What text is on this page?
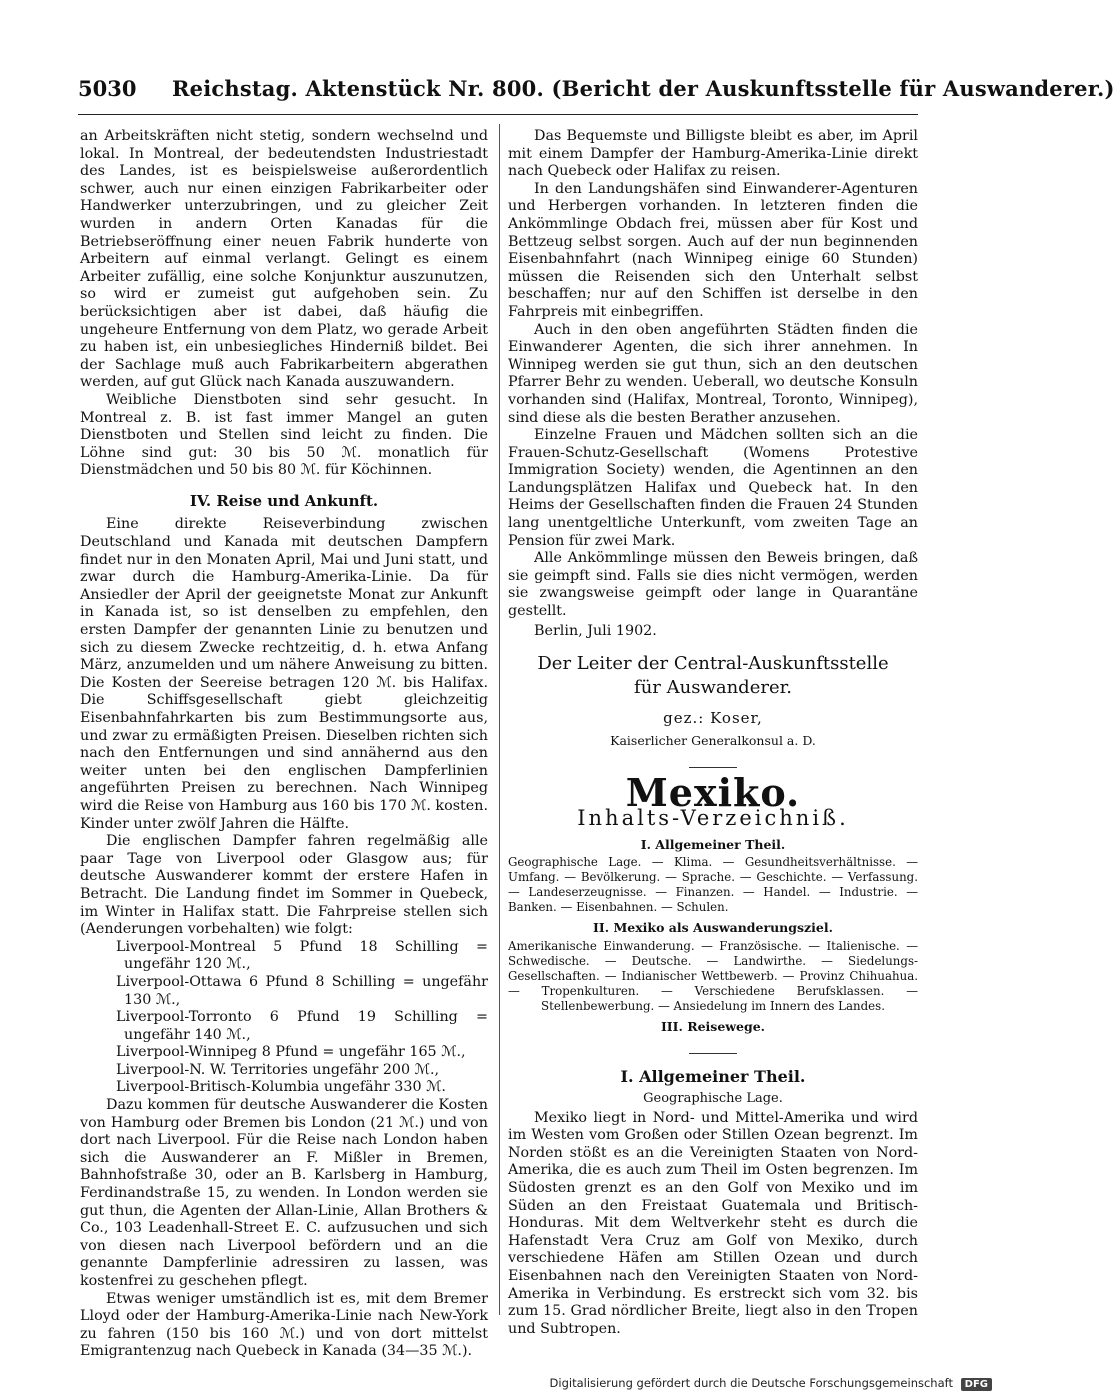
5030 Reichstag. Aktenstück Nr. 800. (Bericht der Auskunftsstelle für Auswanderer.)

an Arbeitskräften nicht stetig, sondern wechselnd und lokal. In Montreal, der bedeutendsten Industriestadt des Landes, ist es beispielsweise außerordentlich schwer, auch nur einen einzigen Fabrikarbeiter oder Handwerker unterzubringen, und zu gleicher Zeit wurden in andern Orten Kanadas für die Betriebseröffnung einer neuen Fabrik hunderte von Arbeitern auf einmal verlangt. Gelingt es einem Arbeiter zufällig, eine solche Konjunktur auszunutzen, so wird er zumeist gut aufgehoben sein. Zu berücksichtigen aber ist dabei, daß häufig die ungeheure Entfernung von dem Platz, wo gerade Arbeit zu haben ist, ein unbesiegliches Hinderniß bildet. Bei der Sachlage muß auch Fabrikarbeitern abgerathen werden, auf gut Glück nach Kanada auszuwandern.

Weibliche Dienstboten sind sehr gesucht. In Montreal z. B. ist fast immer Mangel an guten Dienstboten und Stellen sind leicht zu finden. Die Löhne sind gut: 30 bis 50 ℳ. monatlich für Dienstmädchen und 50 bis 80 ℳ. für Köchinnen.

IV. Reise und Ankunft.

Eine direkte Reiseverbindung zwischen Deutschland und Kanada mit deutschen Dampfern findet nur in den Monaten April, Mai und Juni statt, und zwar durch die Hamburg-Amerika-Linie. Da für Ansiedler der April der geeignetste Monat zur Ankunft in Kanada ist, so ist denselben zu empfehlen, den ersten Dampfer der genannten Linie zu benutzen und sich zu diesem Zwecke rechtzeitig, d. h. etwa Anfang März, anzumelden und um nähere Anweisung zu bitten. Die Kosten der Seereise betragen 120 ℳ. bis Halifax. Die Schiffsgesellschaft giebt gleichzeitig Eisenbahnfahrkarten bis zum Bestimmungsorte aus, und zwar zu ermäßigten Preisen. Dieselben richten sich nach den Entfernungen und sind annähernd aus den weiter unten bei den englischen Dampferlinien angeführten Preisen zu berechnen. Nach Winnipeg wird die Reise von Hamburg aus 160 bis 170 ℳ. kosten. Kinder unter zwölf Jahren die Hälfte.

Die englischen Dampfer fahren regelmäßig alle paar Tage von Liverpool oder Glasgow aus; für deutsche Auswanderer kommt der erstere Hafen in Betracht. Die Landung findet im Sommer in Quebeck, im Winter in Halifax statt. Die Fahrpreise stellen sich (Aenderungen vorbehalten) wie folgt:

Liverpool-Montreal 5 Pfund 18 Schilling = ungefähr 120 ℳ.,

Liverpool-Ottawa 6 Pfund 8 Schilling = ungefähr 130 ℳ.,

Liverpool-Torronto 6 Pfund 19 Schilling = ungefähr 140 ℳ.,

Liverpool-Winnipeg 8 Pfund = ungefähr 165 ℳ.,

Liverpool-N. W. Territories ungefähr 200 ℳ.,

Liverpool-Britisch-Kolumbia ungefähr 330 ℳ.

Dazu kommen für deutsche Auswanderer die Kosten von Hamburg oder Bremen bis London (21 ℳ.) und von dort nach Liverpool. Für die Reise nach London haben sich die Auswanderer an F. Mißler in Bremen, Bahnhofstraße 30, oder an B. Karlsberg in Hamburg, Ferdinandstraße 15, zu wenden. In London werden sie gut thun, die Agenten der Allan-Linie, Allan Brothers & Co., 103 Leadenhall-Street E. C. aufzusuchen und sich von diesen nach Liverpool befördern und an die genannte Dampferlinie adressiren zu lassen, was kostenfrei zu geschehen pflegt.

Etwas weniger umständlich ist es, mit dem Bremer Lloyd oder der Hamburg-Amerika-Linie nach New-York zu fahren (150 bis 160 ℳ.) und von dort mittelst Emigrantenzug nach Quebeck in Kanada (34—35 ℳ.).

Das Bequemste und Billigste bleibt es aber, im April mit einem Dampfer der Hamburg-Amerika-Linie direkt nach Quebeck oder Halifax zu reisen.

In den Landungshäfen sind Einwanderer-Agenturen und Herbergen vorhanden. In letzteren finden die Ankömmlinge Obdach frei, müssen aber für Kost und Bettzeug selbst sorgen. Auch auf der nun beginnenden Eisenbahnfahrt (nach Winnipeg einige 60 Stunden) müssen die Reisenden sich den Unterhalt selbst beschaffen; nur auf den Schiffen ist derselbe in den Fahrpreis mit einbegriffen.

Auch in den oben angeführten Städten finden die Einwanderer Agenten, die sich ihrer annehmen. In Winnipeg werden sie gut thun, sich an den deutschen Pfarrer Behr zu wenden. Ueberall, wo deutsche Konsuln vorhanden sind (Halifax, Montreal, Toronto, Winnipeg), sind diese als die besten Berather anzusehen.

Einzelne Frauen und Mädchen sollten sich an die Frauen-Schutz-Gesellschaft (Womens Protestive Immigration Society) wenden, die Agentinnen an den Landungsplätzen Halifax und Quebeck hat. In den Heims der Gesellschaften finden die Frauen 24 Stunden lang unentgeltliche Unterkunft, vom zweiten Tage an Pension für zwei Mark.

Alle Ankömmlinge müssen den Beweis bringen, daß sie geimpft sind. Falls sie dies nicht vermögen, werden sie zwangsweise geimpft oder lange in Quarantäne gestellt.

Berlin, Juli 1902.

Der Leiter der Central-Auskunftsstelle
für Auswanderer.
gez.: Koser,
Kaiserlicher Generalkonsul a. D.
Mexiko.
Inhalts-Verzeichniß.
I. Allgemeiner Theil.

Geographische Lage. — Klima. — Gesundheitsverhältnisse. — Umfang. — Bevölkerung. — Sprache. — Geschichte. — Verfassung. — Landeserzeugnisse. — Finanzen. — Handel. — Industrie. — Banken. — Eisenbahnen. — Schulen.

II. Mexiko als Auswanderungsziel.

Amerikanische Einwanderung. — Französische. — Italienische. — Schwedische. — Deutsche. — Landwirthe. — Siedelungs-Gesellschaften. — Indianischer Wettbewerb. — Provinz Chihuahua. — Tropenkulturen. — Verschiedene Berufsklassen. — Stellenbewerbung. — Ansiedelung im Innern des Landes.

III. Reisewege.
I. Allgemeiner Theil.
Geographische Lage.

Mexiko liegt in Nord- und Mittel-Amerika und wird im Westen vom Großen oder Stillen Ozean begrenzt. Im Norden stößt es an die Vereinigten Staaten von Nord-Amerika, die es auch zum Theil im Osten begrenzen. Im Südosten grenzt es an den Golf von Mexiko und im Süden an den Freistaat Guatemala und Britisch-Honduras. Mit dem Weltverkehr steht es durch die Hafenstadt Vera Cruz am Golf von Mexiko, durch verschiedene Häfen am Stillen Ozean und durch Eisenbahnen nach den Vereinigten Staaten von Nord-Amerika in Verbindung. Es erstreckt sich vom 32. bis zum 15. Grad nördlicher Breite, liegt also in den Tropen und Subtropen.

Digitalisierung gefördert durch die Deutsche Forschungsgemeinschaft DFG
